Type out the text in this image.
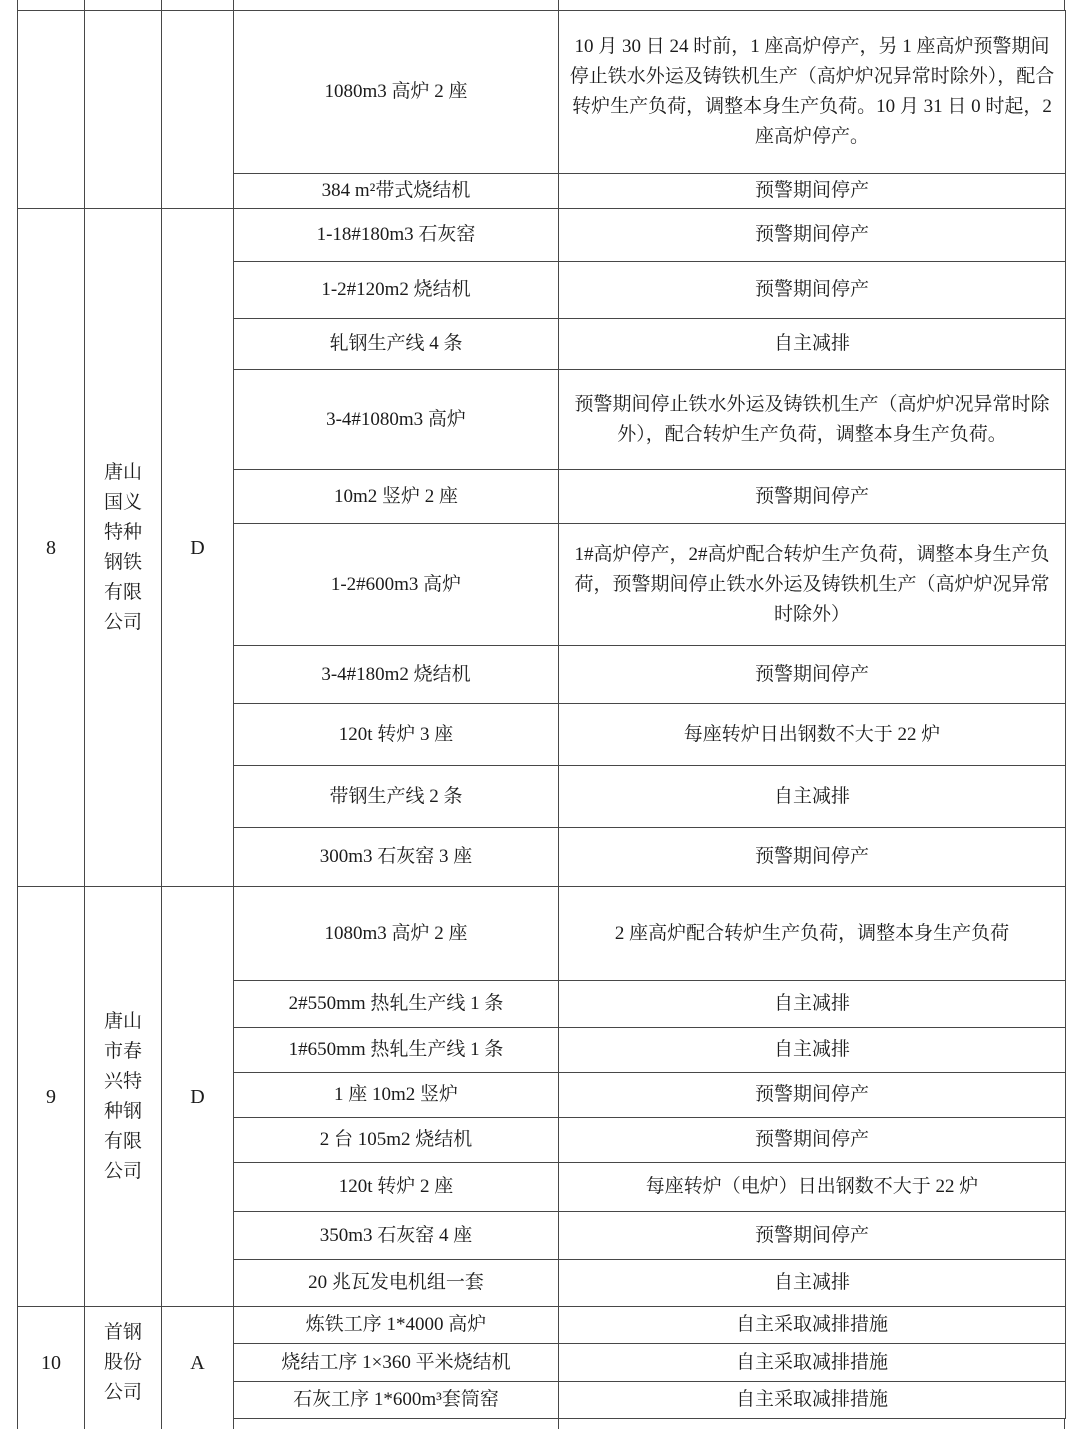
			1080m3 高炉 2 座	10 月 30 日 24 时前，1 座高炉停产，另 1 座高炉预警期间停止铁水外运及铸铁机生产（高炉炉况异常时除外），配合转炉生产负荷，调整本身生产负荷。10 月 31 日 0 时起，2 座高炉停产。
			384 m²带式烧结机	预警期间停产
8	唐山国义特种钢铁有限公司	D	1-18#180m3 石灰窑	预警期间停产
			1-2#120m2 烧结机	预警期间停产
			轧钢生产线 4 条	自主减排
			3-4#1080m3 高炉	预警期间停止铁水外运及铸铁机生产（高炉炉况异常时除外），配合转炉生产负荷，调整本身生产负荷。
			10m2 竖炉 2 座	预警期间停产
			1-2#600m3 高炉	1#高炉停产，2#高炉配合转炉生产负荷，调整本身生产负荷，预警期间停止铁水外运及铸铁机生产（高炉炉况异常时除外）
			3-4#180m2 烧结机	预警期间停产
			120t 转炉 3 座	每座转炉日出钢数不大于 22 炉
			带钢生产线 2 条	自主减排
			300m3 石灰窑 3 座	预警期间停产
9	唐山市春兴特种钢有限公司	D	1080m3 高炉 2 座	2 座高炉配合转炉生产负荷，调整本身生产负荷
			2#550mm 热轧生产线 1 条	自主减排
			1#650mm 热轧生产线 1 条	自主减排
			1 座 10m2 竖炉	预警期间停产
			2 台 105m2 烧结机	预警期间停产
			120t 转炉 2 座	每座转炉（电炉）日出钢数不大于 22 炉
			350m3 石灰窑 4 座	预警期间停产
			20 兆瓦发电机组一套	自主减排
10	首钢股份公司	A	炼铁工序 1*4000 高炉	自主采取减排措施
			烧结工序 1×360 平米烧结机	自主采取减排措施
			石灰工序 1*600m³套筒窑	自主采取减排措施
